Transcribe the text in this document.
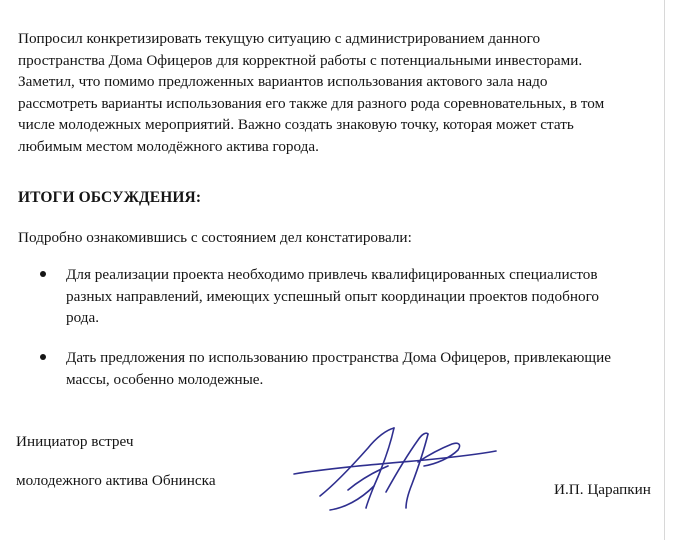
Попросил конкретизировать текущую ситуацию с администрированием данного
пространства Дома Офицеров для корректной работы с потенциальными инвесторами.
Заметил, что помимо предложенных вариантов использования актового зала надо
рассмотреть варианты использования его также для разного рода соревновательных, в том
числе молодежных мероприятий. Важно создать знаковую точку, которая может стать
любимым местом молодёжного актива города.
ИТОГИ ОБСУЖДЕНИЯ:
Подробно ознакомившись с состоянием дел констатировали:
Для реализации проекта необходимо привлечь квалифицированных специалистов
разных направлений, имеющих успешный опыт координации проектов подобного
рода.
Дать предложения по использованию пространства Дома Офицеров, привлекающие
массы, особенно молодежные.
Инициатор встреч
молодежного актива Обнинска
И.П. Царапкин
